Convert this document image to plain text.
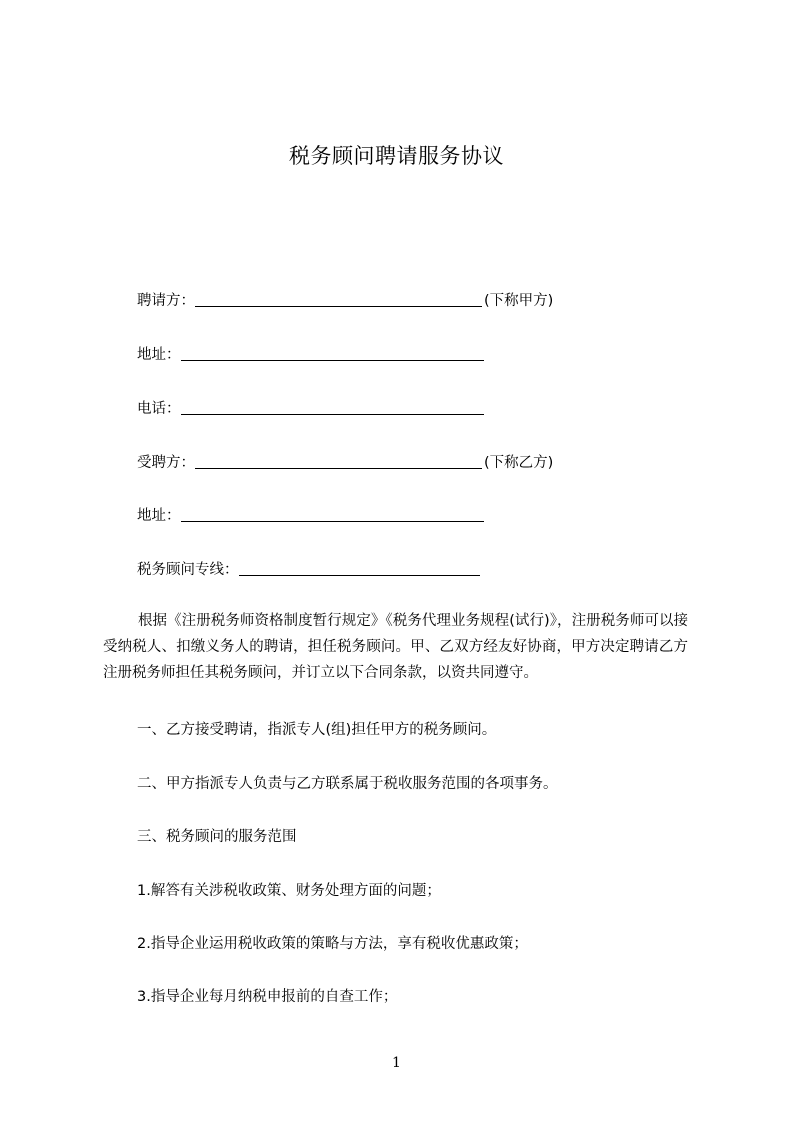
税务顾问聘请服务协议
聘请方：	(下称甲方)
地址：
电话：
受聘方：	(下称乙方)
地址：
税务顾问专线：
根据《注册税务师资格制度暂行规定》《税务代理业务规程(试行)》，注册税务师可以接受纳税人、扣缴义务人的聘请，担任税务顾问。甲、乙双方经友好协商，甲方决定聘请乙方注册税务师担任其税务顾问，并订立以下合同条款，以资共同遵守。
一、乙方接受聘请，指派专人(组)担任甲方的税务顾问。
二、甲方指派专人负责与乙方联系属于税收服务范围的各项事务。
三、税务顾问的服务范围
1.解答有关涉税收政策、财务处理方面的问题；
2.指导企业运用税收政策的策略与方法，享有税收优惠政策；
3.指导企业每月纳税申报前的自查工作；
1
